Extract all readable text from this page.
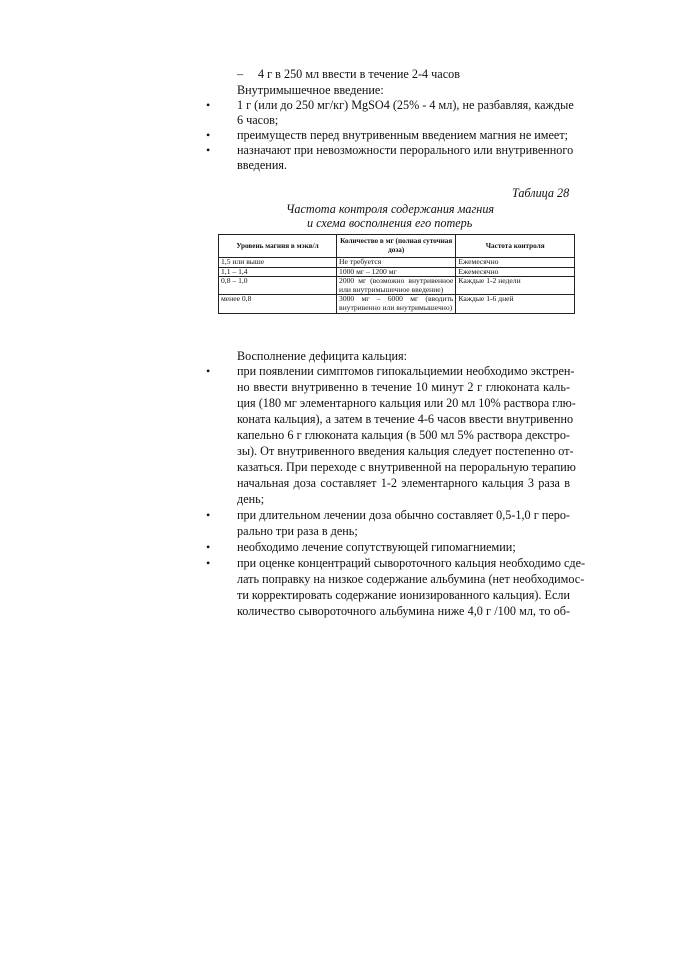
– 4 г в 250 мл ввести в течение 2-4 часов
Внутримышечное введение:
• 1 г (или до 250 мг/кг) MgSO4 (25% - 4 мл), не разбавляя, каждые
6 часов;
• преимуществ перед внутривенным введением магния не имеет;
• назначают при невозможности перорального или внутривенного
введения.
Таблица 28
Частота контроля содержания магния
и схема восполнения его потерь
Уровень магния в мэкв/л	Количество в мг (полная суточная доза)	Частота контроля
1,5 или выше	Не требуется	Ежемесячно
1,1 – 1,4	1000 мг – 1200 мг	Ежемесячно
0,8 – 1,0	2000 мг (возможно внутривенное или внутримышечное введение)	Каждые 1-2 недели
менее 0,8	3000 мг – 6000 мг (вводить внутривенно или внутримышечно)	Каждые 1-6 дней
Восполнение дефицита кальция:
• при появлении симптомов гипокальциемии необходимо экстрен-
но ввести внутривенно в течение 10 минут 2 г глюконата каль-
ция (180 мг элементарного кальция или 20 мл 10% раствора глю-
коната кальция), а затем в течение 4-6 часов ввести внутривенно
капельно 6 г глюконата кальция (в 500 мл 5% раствора декстро-
зы). От внутривенного введения кальция следует постепенно от-
казаться. При переходе с внутривенной на пероральную терапию
начальная доза составляет 1-2 элементарного кальция 3 раза в
день;
• при длительном лечении доза обычно составляет 0,5-1,0 г перо-
рально три раза в день;
• необходимо лечение сопутствующей гипомагниемии;
• при оценке концентраций сывороточного кальция необходимо сде-
лать поправку на низкое содержание альбумина (нет необходимос-
ти корректировать содержание ионизированного кальция). Если
количество сывороточного альбумина ниже 4,0 г /100 мл, то об-
